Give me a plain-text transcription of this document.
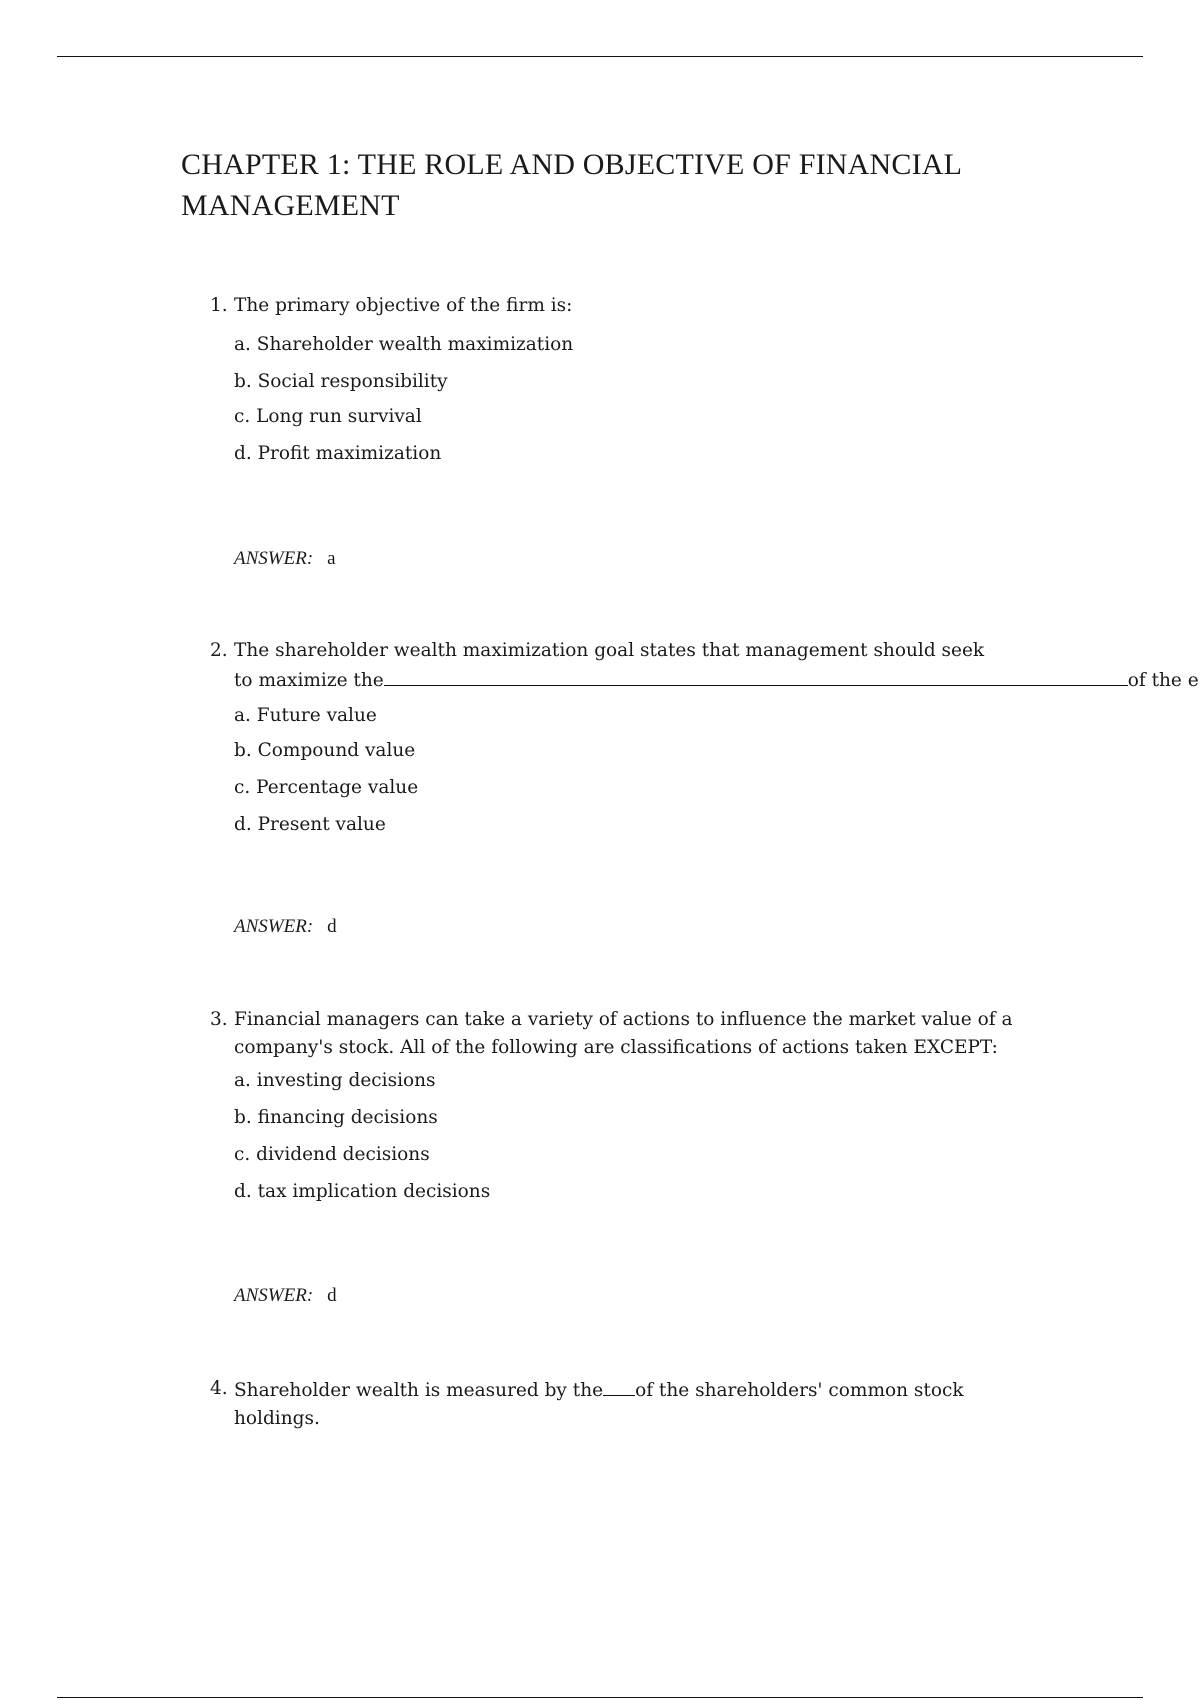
CHAPTER 1: THE ROLE AND OBJECTIVE OF FINANCIAL MANAGEMENT
1. The primary objective of the firm is:
a. Shareholder wealth maximization
b. Social responsibility
c. Long run survival
d. Profit maximization
ANSWER: a
2. The shareholder wealth maximization goal states that management should seek
to maximize the	of the e
a. Future value
b. Compound value
c. Percentage value
d. Present value
ANSWER: d
3. Financial managers can take a variety of actions to influence the market value of a
company's stock. All of the following are classifications of actions taken EXCEPT:
a. investing decisions
b. financing decisions
c. dividend decisions
d. tax implication decisions
ANSWER: d
4. Shareholder wealth is measured by the of the shareholders' common stock
holdings.
